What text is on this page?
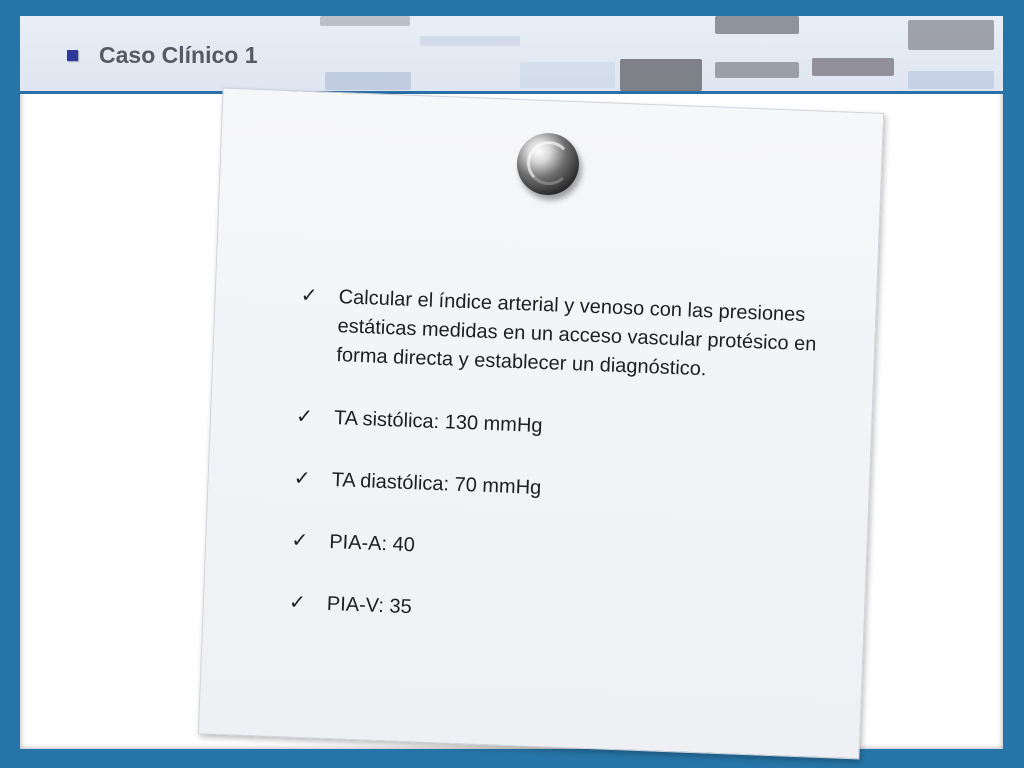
Caso Clínico 1
✓ Calcular el índice arterial y venoso con las presiones estáticas medidas en un acceso vascular protésico en forma directa y establecer un diagnóstico.
✓ TA sistólica: 130 mmHg
✓ TA diastólica: 70 mmHg
✓ PIA-A: 40
✓ PIA-V: 35
